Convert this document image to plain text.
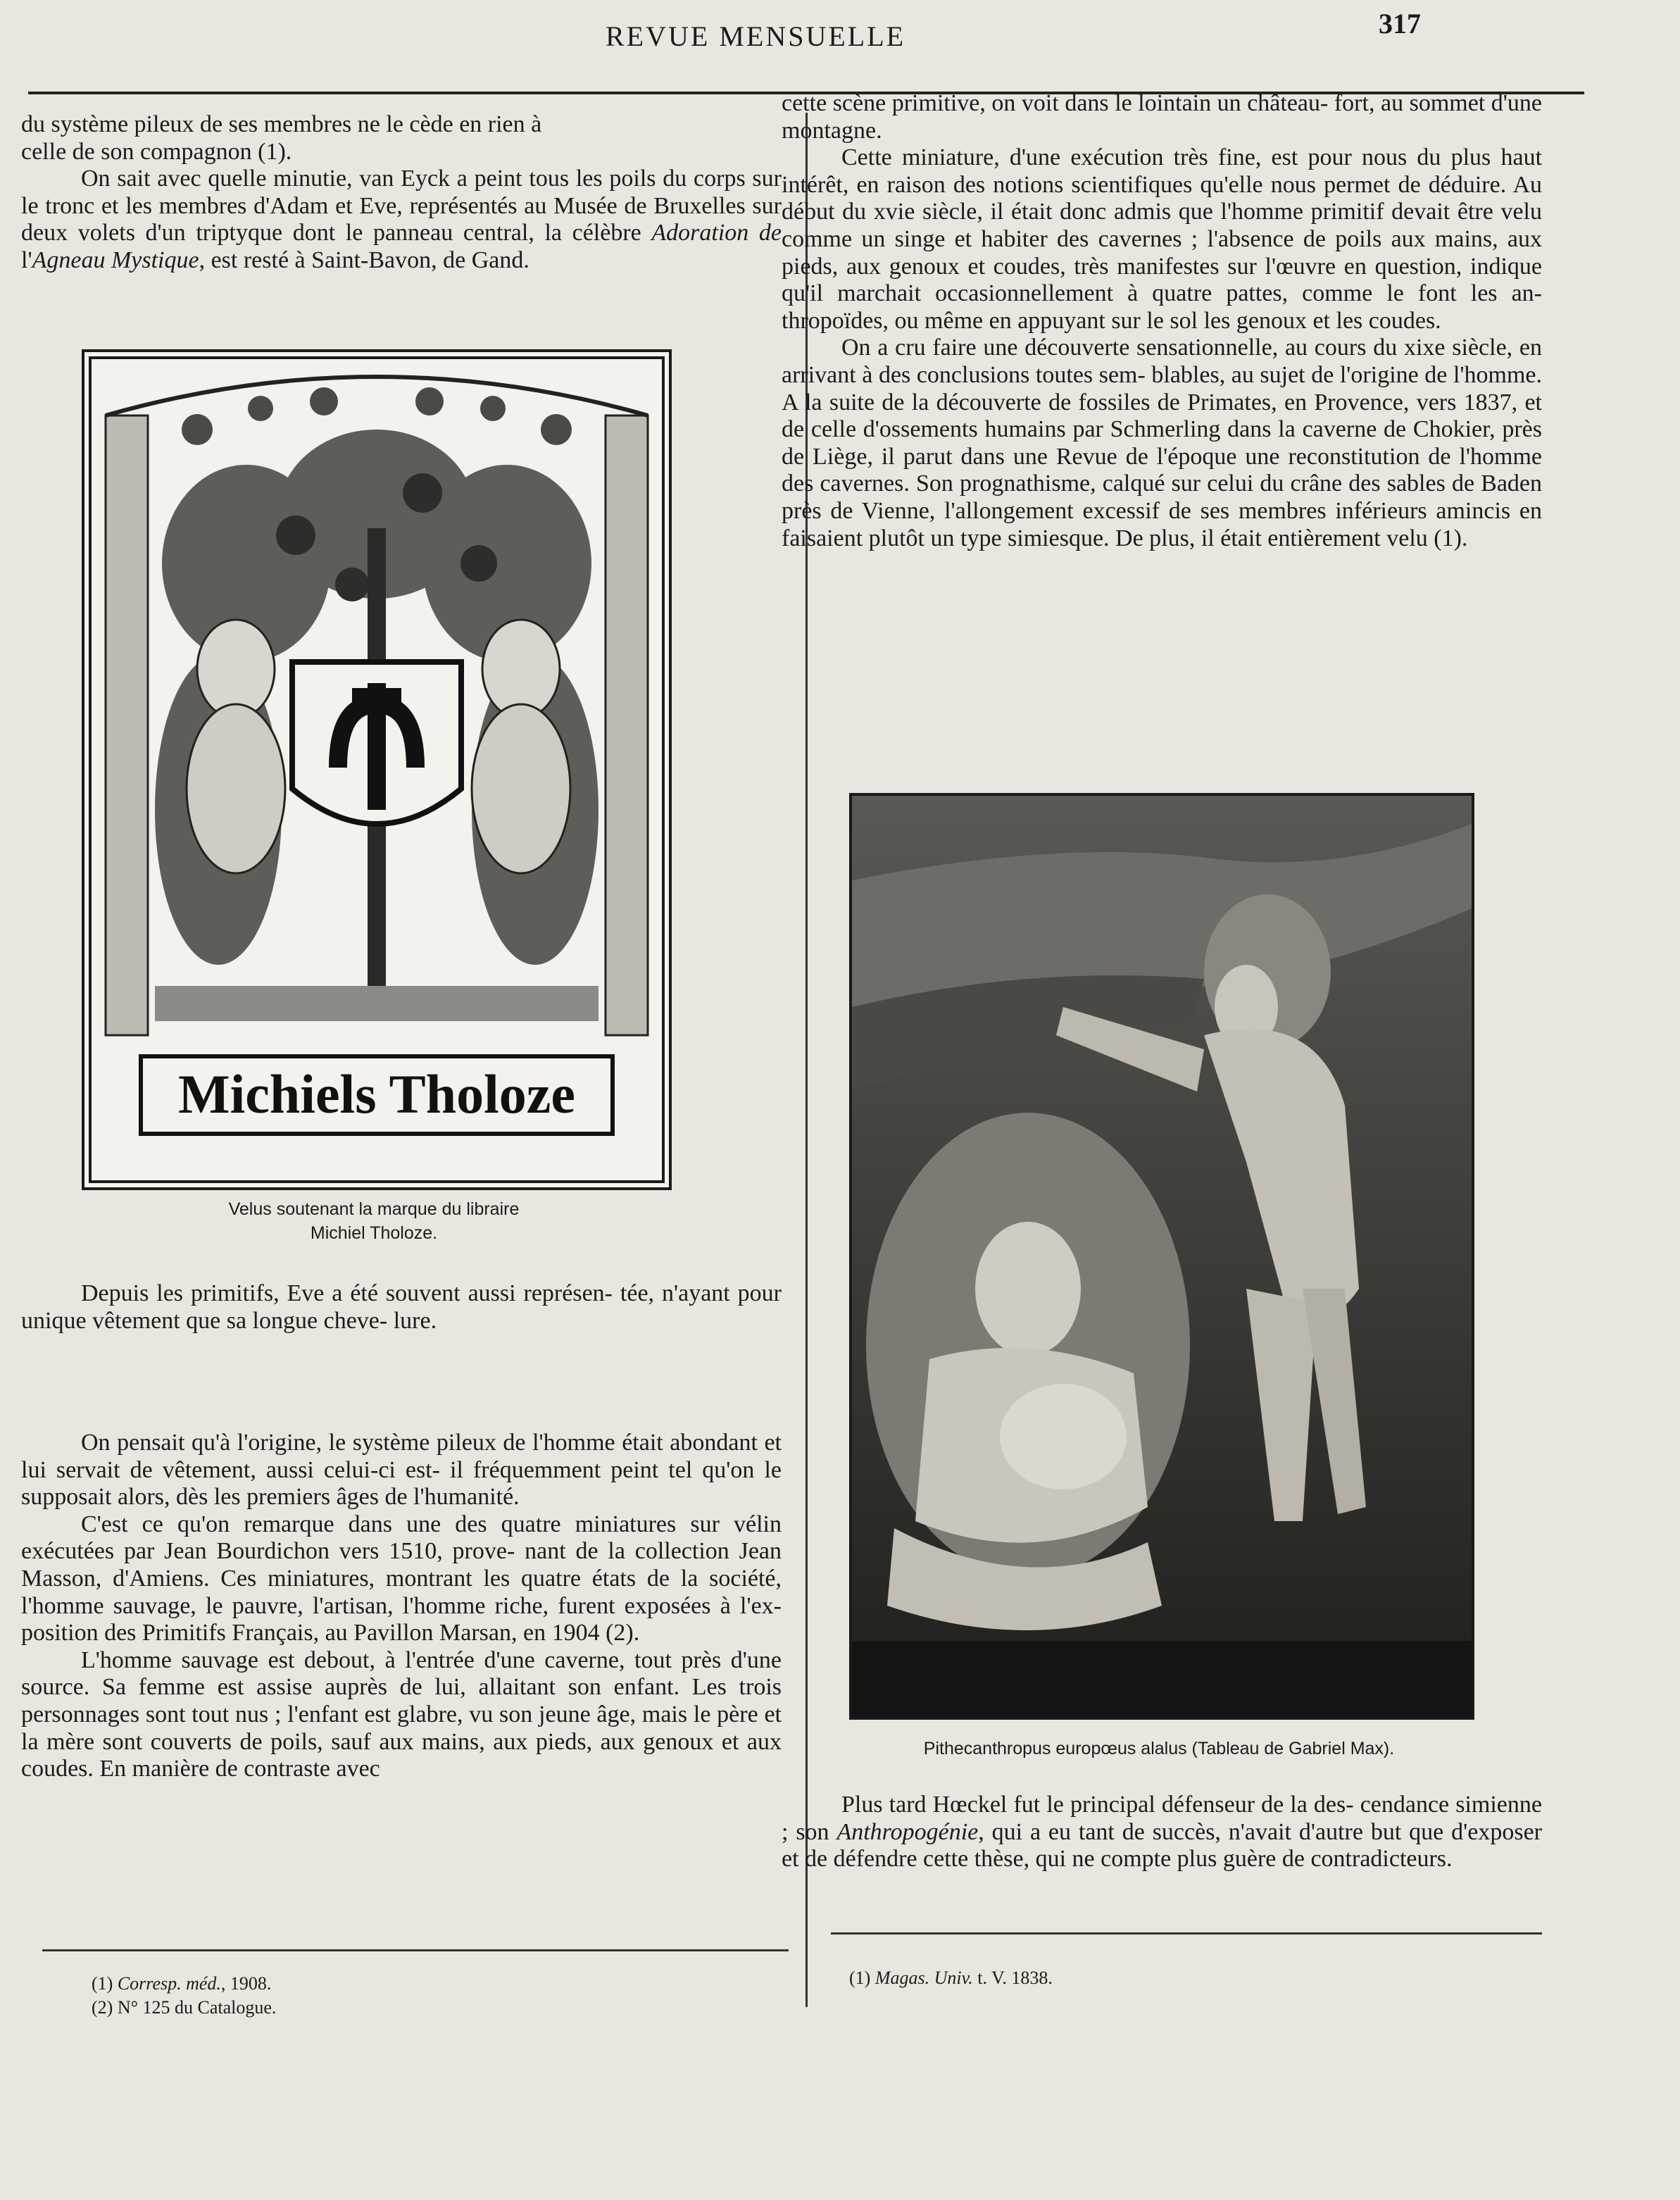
REVUE MENSUELLE	317

du système pileux de ses membres ne le cède en rien à
celle de son compagnon (1).

On sait avec quelle minutie, van Eyck a peint tous les poils du corps sur le tronc et les membres d'Adam et Eve, représentés au Musée de Bruxelles sur deux volets d'un triptyque dont le panneau central, la célèbre Adoration de l'Agneau Mystique, est resté à Saint-Bavon, de Gand.

Michiels Tholoze
Velus soutenant la marque du libraire
Michiel Tholoze.

Depuis les primitifs, Eve a été souvent aussi représen- tée, n'ayant pour unique vêtement que sa longue cheve- lure.

On pensait qu'à l'origine, le système pileux de l'homme était abondant et lui servait de vêtement, aussi celui-ci est- il fréquemment peint tel qu'on le supposait alors, dès les premiers âges de l'humanité.

C'est ce qu'on remarque dans une des quatre miniatures sur vélin exécutées par Jean Bourdichon vers 1510, prove- nant de la collection Jean Masson, d'Amiens. Ces miniatures, montrant les quatre états de la société, l'homme sauvage, le pauvre, l'artisan, l'homme riche, furent exposées à l'ex- position des Primitifs Français, au Pavillon Marsan, en 1904 (2).

L'homme sauvage est debout, à l'entrée d'une caverne, tout près d'une source. Sa femme est assise auprès de lui, allaitant son enfant. Les trois personnages sont tout nus ; l'enfant est glabre, vu son jeune âge, mais le père et la mère sont couverts de poils, sauf aux mains, aux pieds, aux genoux et aux coudes. En manière de contraste avec

(1) Corresp. méd., 1908.
(2) N° 125 du Catalogue.

cette scène primitive, on voit dans le lointain un château- fort, au sommet d'une montagne.

Cette miniature, d'une exécution très fine, est pour nous du plus haut intérêt, en raison des notions scientifiques qu'elle nous permet de déduire. Au début du xvie siècle, il était donc admis que l'homme primitif devait être velu comme un singe et habiter des cavernes ; l'absence de poils aux mains, aux pieds, aux genoux et coudes, très manifestes sur l'œuvre en question, indique qu'il marchait occasionnellement à quatre pattes, comme le font les an- thropoïdes, ou même en appuyant sur le sol les genoux et les coudes.

On a cru faire une découverte sensationnelle, au cours du xixe siècle, en arrivant à des conclusions toutes sem- blables, au sujet de l'origine de l'homme. A la suite de la découverte de fossiles de Primates, en Provence, vers 1837, et de celle d'ossements humains par Schmerling dans la caverne de Chokier, près de Liège, il parut dans une Revue de l'époque une reconstitution de l'homme des cavernes. Son prognathisme, calqué sur celui du crâne des sables de Baden près de Vienne, l'allongement excessif de ses membres inférieurs amincis en faisaient plutôt un type simiesque. De plus, il était entièrement velu (1).

Pithecanthropus europœus alalus (Tableau de Gabriel Max).

Plus tard Hœckel fut le principal défenseur de la des- cendance simienne ; son Anthropogénie, qui a eu tant de succès, n'avait d'autre but que d'exposer et de défendre cette thèse, qui ne compte plus guère de contradicteurs.

(1) Magas. Univ. t. V. 1838.
